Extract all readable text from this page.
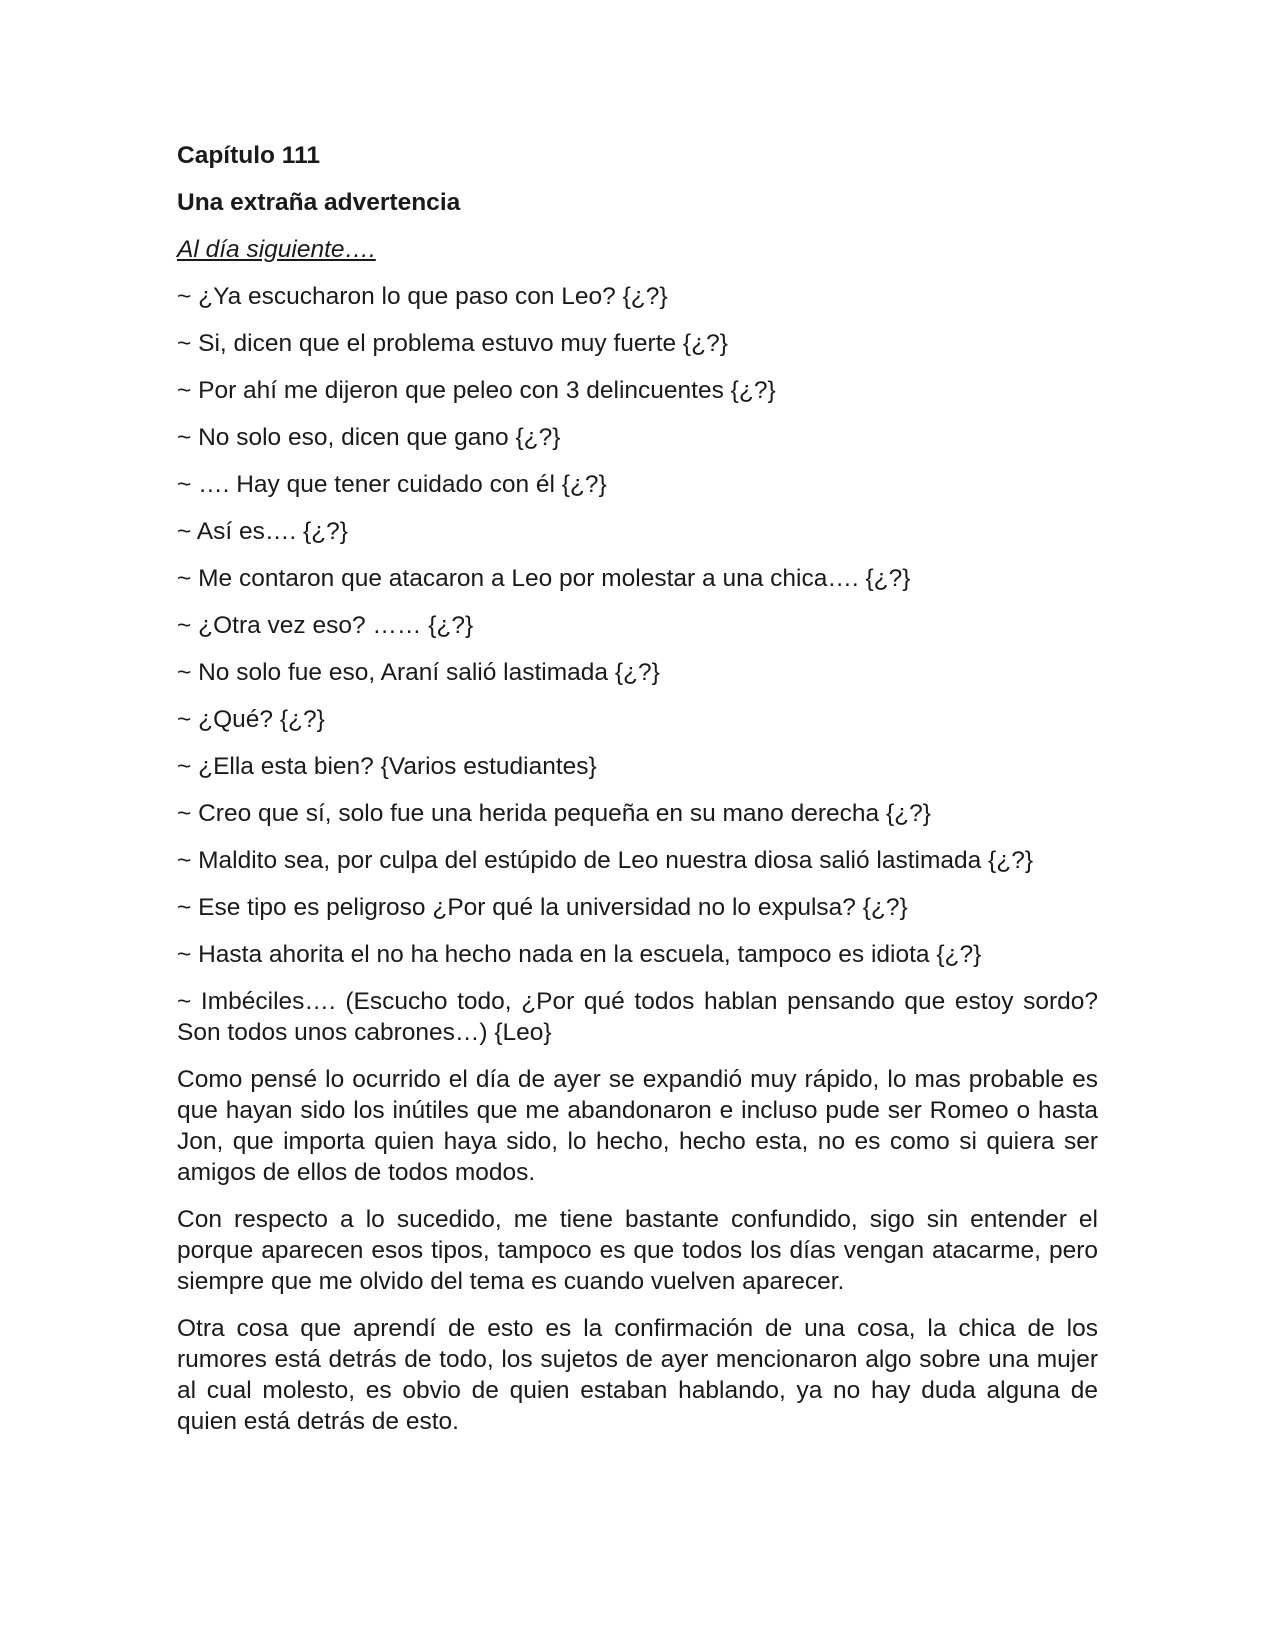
Capítulo 111

Una extraña advertencia

Al día siguiente….

~ ¿Ya escucharon lo que paso con Leo? {¿?}

~ Si, dicen que el problema estuvo muy fuerte {¿?}

~ Por ahí me dijeron que peleo con 3 delincuentes {¿?}

~ No solo eso, dicen que gano {¿?}

~ …. Hay que tener cuidado con él {¿?}

~ Así es…. {¿?}

~ Me contaron que atacaron a Leo por molestar a una chica…. {¿?}

~ ¿Otra vez eso? …… {¿?}

~ No solo fue eso, Araní salió lastimada {¿?}

~ ¿Qué? {¿?}

~ ¿Ella esta bien? {Varios estudiantes}

~ Creo que sí, solo fue una herida pequeña en su mano derecha {¿?}

~ Maldito sea, por culpa del estúpido de Leo nuestra diosa salió lastimada {¿?}

~ Ese tipo es peligroso ¿Por qué la universidad no lo expulsa? {¿?}

~ Hasta ahorita el no ha hecho nada en la escuela, tampoco es idiota {¿?}

~ Imbéciles…. (Escucho todo, ¿Por qué todos hablan pensando que estoy sordo? Son todos unos cabrones…) {Leo}

Como pensé lo ocurrido el día de ayer se expandió muy rápido, lo mas probable es que hayan sido los inútiles que me abandonaron e incluso pude ser Romeo o hasta Jon, que importa quien haya sido, lo hecho, hecho esta, no es como si quiera ser amigos de ellos de todos modos.

Con respecto a lo sucedido, me tiene bastante confundido, sigo sin entender el porque aparecen esos tipos, tampoco es que todos los días vengan atacarme, pero siempre que me olvido del tema es cuando vuelven aparecer.

Otra cosa que aprendí de esto es la confirmación de una cosa, la chica de los rumores está detrás de todo, los sujetos de ayer mencionaron algo sobre una mujer al cual molesto, es obvio de quien estaban hablando, ya no hay duda alguna de quien está detrás de esto.
